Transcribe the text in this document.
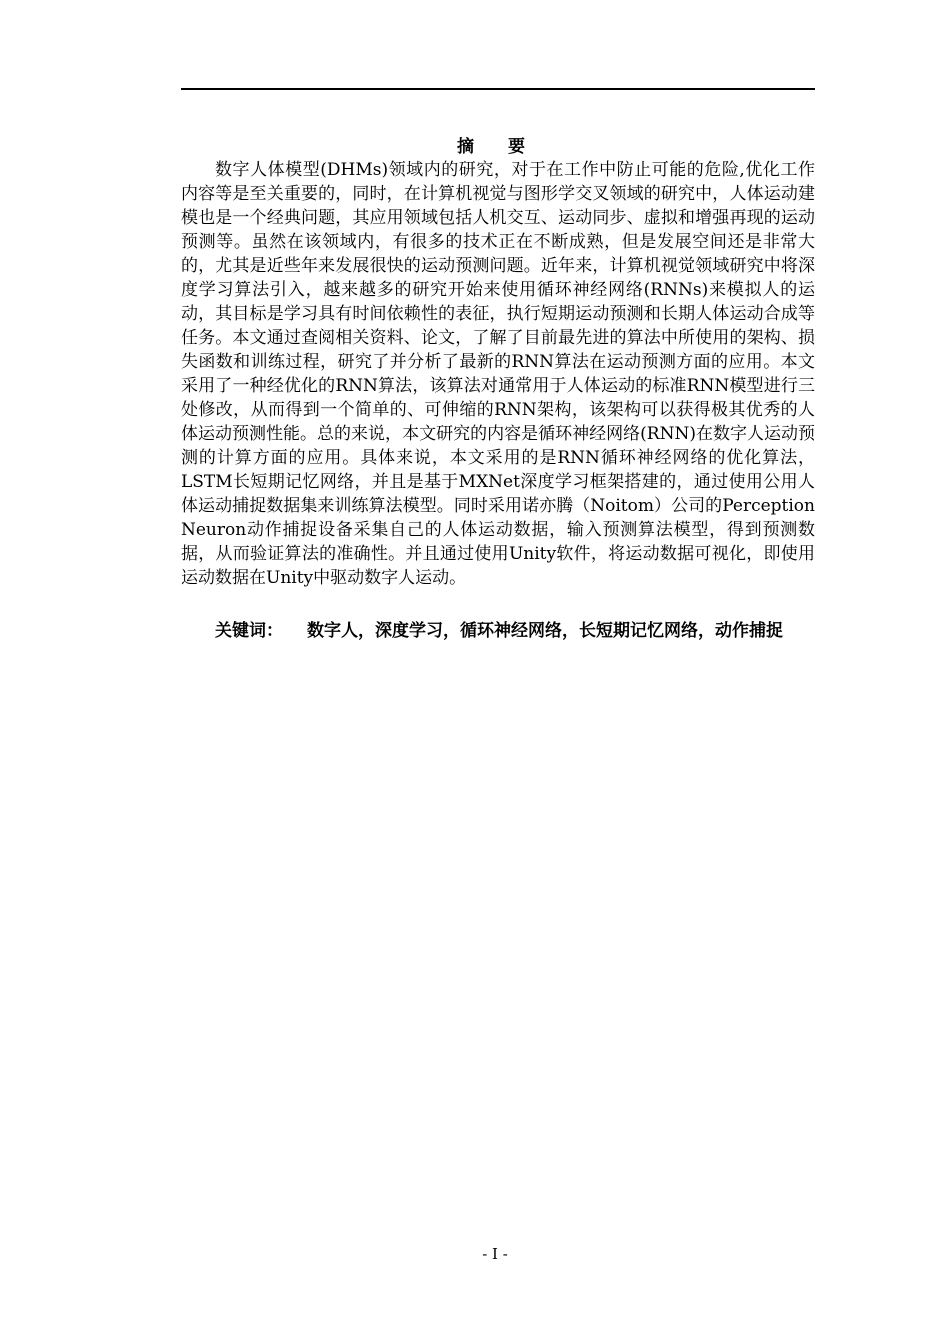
摘 要

数字人体模型(DHMs)领域内的研究，对于在工作中防止可能的危险,优化工作内容等是至关重要的，同时，在计算机视觉与图形学交叉领域的研究中，人体运动建模也是一个经典问题，其应用领域包括人机交互、运动同步、虚拟和增强再现的运动预测等。虽然在该领域内，有很多的技术正在不断成熟，但是发展空间还是非常大的，尤其是近些年来发展很快的运动预测问题。近年来，计算机视觉领域研究中将深度学习算法引入，越来越多的研究开始来使用循环神经网络(RNNs)来模拟人的运动，其目标是学习具有时间依赖性的表征，执行短期运动预测和长期人体运动合成等任务。本文通过查阅相关资料、论文，了解了目前最先进的算法中所使用的架构、损失函数和训练过程，研究了并分析了最新的RNN算法在运动预测方面的应用。本文采用了一种经优化的RNN算法，该算法对通常用于人体运动的标准RNN模型进行三处修改，从而得到一个简单的、可伸缩的RNN架构，该架构可以获得极其优秀的人体运动预测性能。总的来说，本文研究的内容是循环神经网络(RNN)在数字人运动预测的计算方面的应用。具体来说，本文采用的是RNN循环神经网络的优化算法，LSTM长短期记忆网络，并且是基于MXNet深度学习框架搭建的，通过使用公用人体运动捕捉数据集来训练算法模型。同时采用诺亦腾（Noitom）公司的Perception Neuron动作捕捉设备采集自己的人体运动数据，输入预测算法模型，得到预测数据，从而验证算法的准确性。并且通过使用Unity软件，将运动数据可视化，即使用运动数据在Unity中驱动数字人运动。

关键词： 数字人，深度学习，循环神经网络，长短期记忆网络，动作捕捉

- I -
